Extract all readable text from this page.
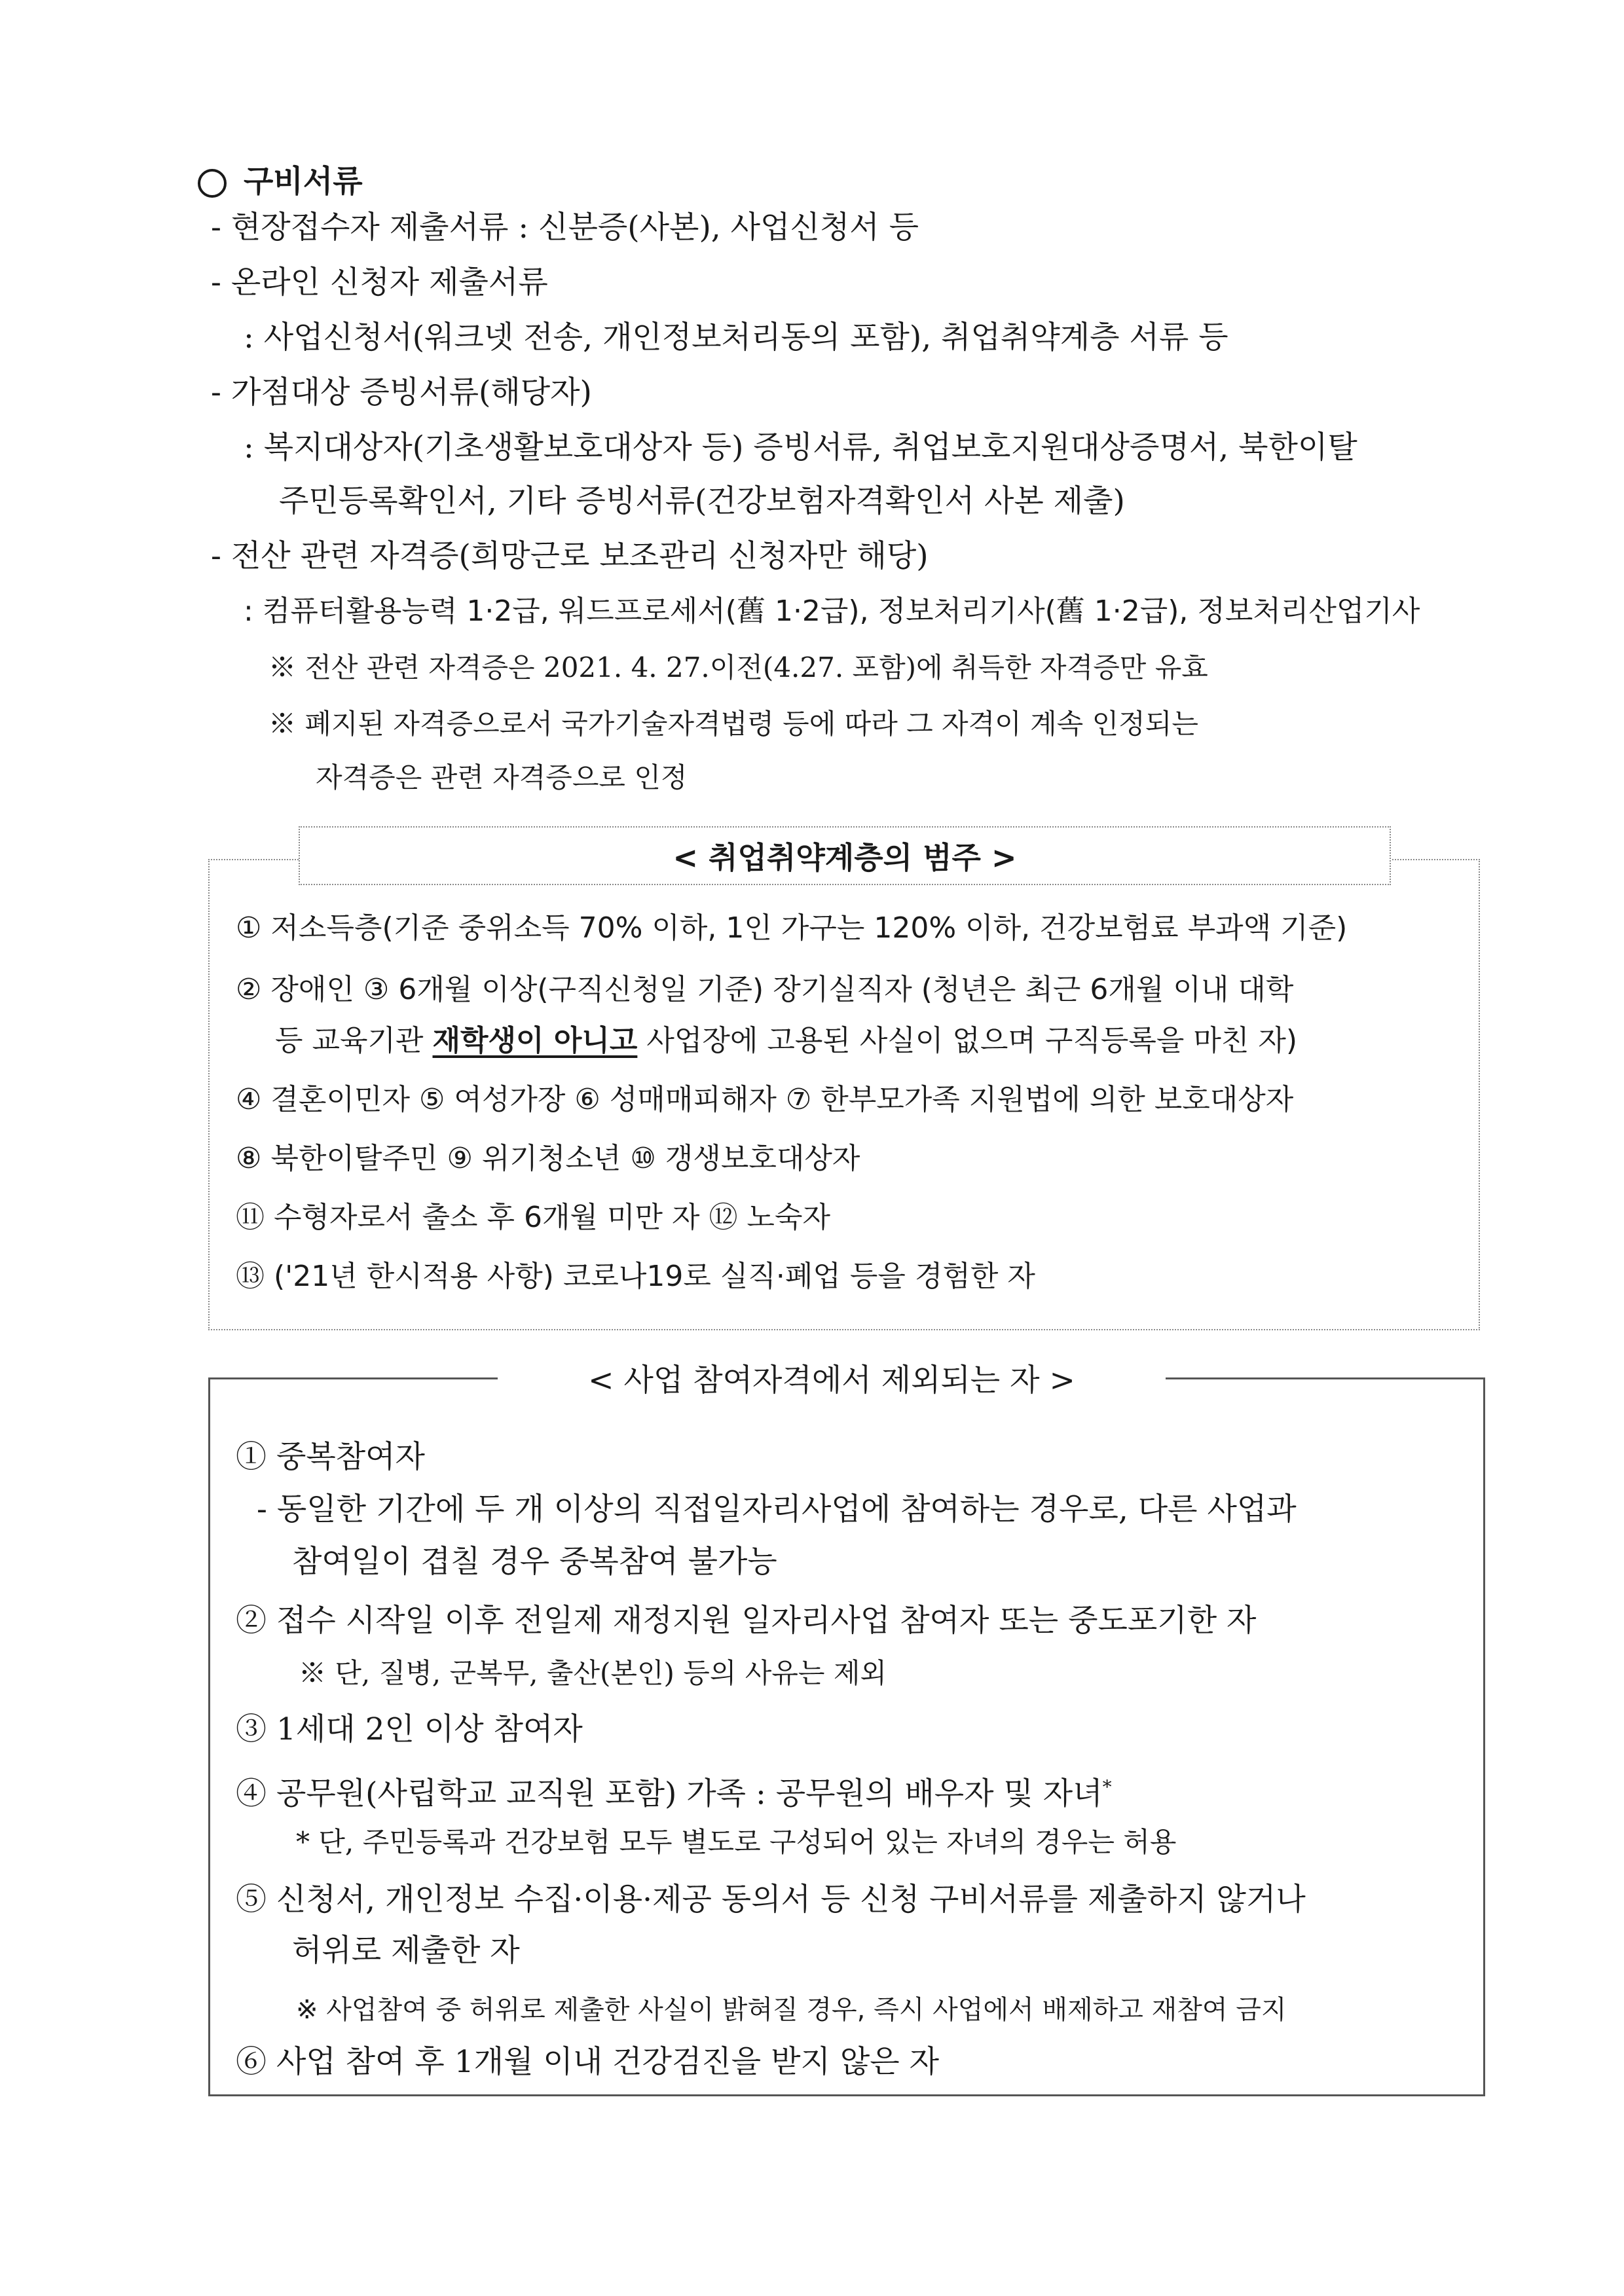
구비서류
- 현장접수자 제출서류 : 신분증(사본), 사업신청서 등
- 온라인 신청자 제출서류
: 사업신청서(워크넷 전송, 개인정보처리동의 포함), 취업취약계층 서류 등
- 가점대상 증빙서류(해당자)
: 복지대상자(기초생활보호대상자 등) 증빙서류, 취업보호지원대상증명서, 북한이탈
주민등록확인서, 기타 증빙서류(건강보험자격확인서 사본 제출)
- 전산 관련 자격증(희망근로 보조관리 신청자만 해당)
: 컴퓨터활용능력 1·2급, 워드프로세서(舊 1·2급), 정보처리기사(舊 1·2급), 정보처리산업기사
※ 전산 관련 자격증은 2021. 4. 27.이전(4.27. 포함)에 취득한 자격증만 유효
※ 폐지된 자격증으로서 국가기술자격법령 등에 따라 그 자격이 계속 인정되는
자격증은 관련 자격증으로 인정
< 취업취약계층의 범주 >
① 저소득층(기준 중위소득 70% 이하, 1인 가구는 120% 이하, 건강보험료 부과액 기준)
② 장애인 ③ 6개월 이상(구직신청일 기준) 장기실직자 (청년은 최근 6개월 이내 대학
등 교육기관 재학생이 아니고 사업장에 고용된 사실이 없으며 구직등록을 마친 자)
④ 결혼이민자 ⑤ 여성가장 ⑥ 성매매피해자 ⑦ 한부모가족 지원법에 의한 보호대상자
⑧ 북한이탈주민 ⑨ 위기청소년 ⑩ 갱생보호대상자
⑪ 수형자로서 출소 후 6개월 미만 자 ⑫ 노숙자
⑬ ('21년 한시적용 사항) 코로나19로 실직·폐업 등을 경험한 자
< 사업 참여자격에서 제외되는 자 >
① 중복참여자
- 동일한 기간에 두 개 이상의 직접일자리사업에 참여하는 경우로, 다른 사업과
참여일이 겹칠 경우 중복참여 불가능
② 접수 시작일 이후 전일제 재정지원 일자리사업 참여자 또는 중도포기한 자
※ 단, 질병, 군복무, 출산(본인) 등의 사유는 제외
③ 1세대 2인 이상 참여자
④ 공무원(사립학교 교직원 포함) 가족 : 공무원의 배우자 및 자녀*
* 단, 주민등록과 건강보험 모두 별도로 구성되어 있는 자녀의 경우는 허용
⑤ 신청서, 개인정보 수집·이용·제공 동의서 등 신청 구비서류를 제출하지 않거나
허위로 제출한 자
※ 사업참여 중 허위로 제출한 사실이 밝혀질 경우, 즉시 사업에서 배제하고 재참여 금지
⑥ 사업 참여 후 1개월 이내 건강검진을 받지 않은 자
